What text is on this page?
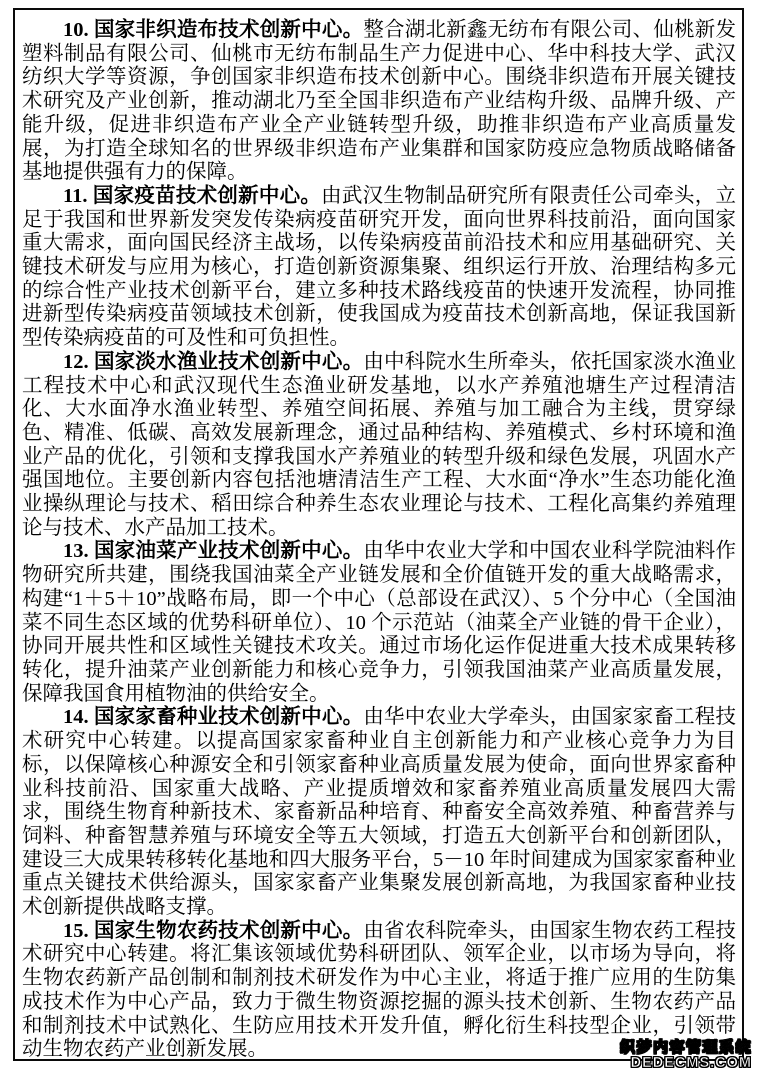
10. 国家非织造布技术创新中心。整合湖北新鑫无纺布有限公司、仙桃新发塑料制品有限公司、仙桃市无纺布制品生产力促进中心、华中科技大学、武汉纺织大学等资源，争创国家非织造布技术创新中心。围绕非织造布开展关键技术研究及产业创新，推动湖北乃至全国非织造布产业结构升级、品牌升级、产能升级，促进非织造布产业全产业链转型升级，助推非织造布产业高质量发展，为打造全球知名的世界级非织造布产业集群和国家防疫应急物质战略储备基地提供强有力的保障。

11. 国家疫苗技术创新中心。由武汉生物制品研究所有限责任公司牵头，立足于我国和世界新发突发传染病疫苗研究开发，面向世界科技前沿，面向国家重大需求，面向国民经济主战场，以传染病疫苗前沿技术和应用基础研究、关键技术研发与应用为核心，打造创新资源集聚、组织运行开放、治理结构多元的综合性产业技术创新平台，建立多种技术路线疫苗的快速开发流程，协同推进新型传染病疫苗领域技术创新，使我国成为疫苗技术创新高地，保证我国新型传染病疫苗的可及性和可负担性。

12. 国家淡水渔业技术创新中心。由中科院水生所牵头，依托国家淡水渔业工程技术中心和武汉现代生态渔业研发基地，以水产养殖池塘生产过程清洁化、大水面净水渔业转型、养殖空间拓展、养殖与加工融合为主线，贯穿绿色、精准、低碳、高效发展新理念，通过品种结构、养殖模式、乡村环境和渔业产品的优化，引领和支撑我国水产养殖业的转型升级和绿色发展，巩固水产强国地位。主要创新内容包括池塘清洁生产工程、大水面“净水”生态功能化渔业操纵理论与技术、稻田综合种养生态农业理论与技术、工程化高集约养殖理论与技术、水产品加工技术。

13. 国家油菜产业技术创新中心。由华中农业大学和中国农业科学院油料作物研究所共建，围绕我国油菜全产业链发展和全价值链开发的重大战略需求，构建“1＋5＋10”战略布局，即一个中心（总部设在武汉）、5 个分中心（全国油菜不同生态区域的优势科研单位）、10 个示范站（油菜全产业链的骨干企业），协同开展共性和区域性关键技术攻关。通过市场化运作促进重大技术成果转移转化，提升油菜产业创新能力和核心竞争力，引领我国油菜产业高质量发展，保障我国食用植物油的供给安全。

14. 国家家畜种业技术创新中心。由华中农业大学牵头，由国家家畜工程技术研究中心转建。以提高国家家畜种业自主创新能力和产业核心竞争力为目标，以保障核心种源安全和引领家畜种业高质量发展为使命，面向世界家畜种业科技前沿、国家重大战略、产业提质增效和家畜养殖业高质量发展四大需求，围绕生物育种新技术、家畜新品种培育、种畜安全高效养殖、种畜营养与饲料、种畜智慧养殖与环境安全等五大领域，打造五大创新平台和创新团队，建设三大成果转移转化基地和四大服务平台，5－10 年时间建成为国家家畜种业重点关键技术供给源头，国家家畜产业集聚发展创新高地，为我国家畜种业技术创新提供战略支撑。

15. 国家生物农药技术创新中心。由省农科院牵头，由国家生物农药工程技术研究中心转建。将汇集该领域优势科研团队、领军企业，以市场为导向，将生物农药新产品创制和制剂技术研发作为中心主业，将适于推广应用的生防集成技术作为中心产品，致力于微生物资源挖掘的源头技术创新、生物农药产品和制剂技术中试熟化、生防应用技术开发升值，孵化衍生科技型企业，引领带动生物农药产业创新发展。	织梦内容管理系统
DEDECMS.COM
